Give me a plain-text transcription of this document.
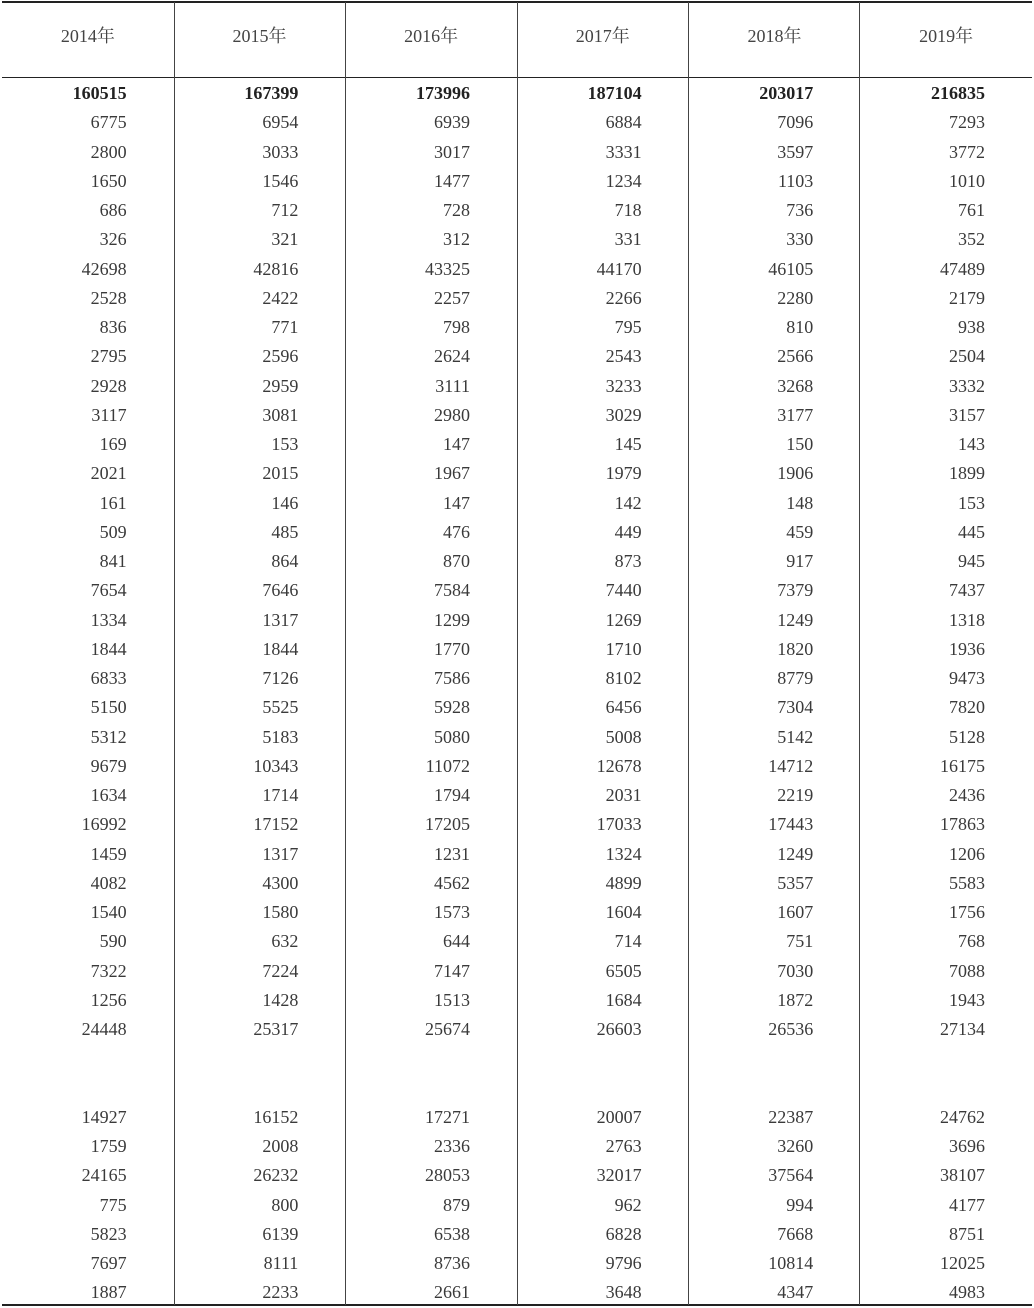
2014年	2015年	2016年	2017年	2018年	2019年
160515	167399	173996	187104	203017	216835
6775	6954	6939	6884	7096	7293
2800	3033	3017	3331	3597	3772
1650	1546	1477	1234	1103	1010
686	712	728	718	736	761
326	321	312	331	330	352
42698	42816	43325	44170	46105	47489
2528	2422	2257	2266	2280	2179
836	771	798	795	810	938
2795	2596	2624	2543	2566	2504
2928	2959	3111	3233	3268	3332
3117	3081	2980	3029	3177	3157
169	153	147	145	150	143
2021	2015	1967	1979	1906	1899
161	146	147	142	148	153
509	485	476	449	459	445
841	864	870	873	917	945
7654	7646	7584	7440	7379	7437
1334	1317	1299	1269	1249	1318
1844	1844	1770	1710	1820	1936
6833	7126	7586	8102	8779	9473
5150	5525	5928	6456	7304	7820
5312	5183	5080	5008	5142	5128
9679	10343	11072	12678	14712	16175
1634	1714	1794	2031	2219	2436
16992	17152	17205	17033	17443	17863
1459	1317	1231	1324	1249	1206
4082	4300	4562	4899	5357	5583
1540	1580	1573	1604	1607	1756
590	632	644	714	751	768
7322	7224	7147	6505	7030	7088
1256	1428	1513	1684	1872	1943
24448	25317	25674	26603	26536	27134
14927	16152	17271	20007	22387	24762
1759	2008	2336	2763	3260	3696
24165	26232	28053	32017	37564	38107
775	800	879	962	994	4177
5823	6139	6538	6828	7668	8751
7697	8111	8736	9796	10814	12025
1887	2233	2661	3648	4347	4983
